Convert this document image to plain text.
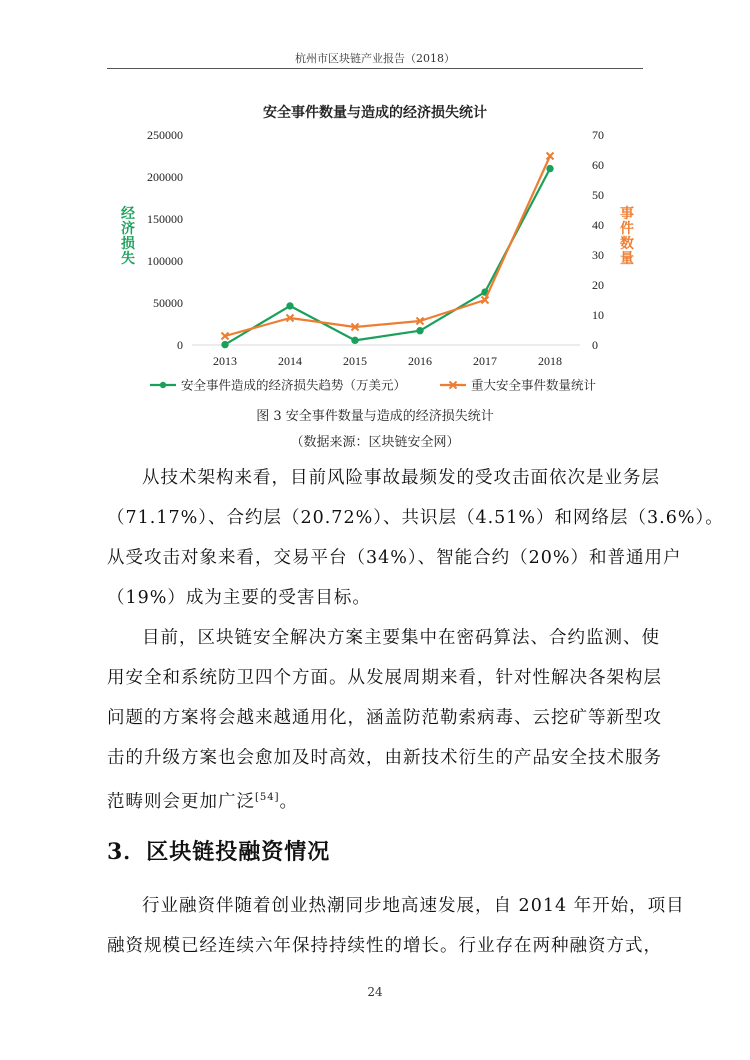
杭州市区块链产业报告（2018）
安全事件数量与造成的经济损失统计
经
济
损
失
事
件
数
量
0
50000
100000
150000
200000
250000
0
10
20
30
40
50
60
70
2013	2014	2015	2016	2017	2018
安全事件造成的经济损失趋势（万美元）	重大安全事件数量统计
图 3 安全事件数量与造成的经济损失统计
（数据来源：区块链安全网）
从技术架构来看，目前风险事故最频发的受攻击面依次是业务层
（71.17%）、合约层（20.72%）、共识层（4.51%）和网络层（3.6%）。
从受攻击对象来看，交易平台（34%）、智能合约（20%）和普通用户
（19%）成为主要的受害目标。
目前，区块链安全解决方案主要集中在密码算法、合约监测、使
用安全和系统防卫四个方面。从发展周期来看，针对性解决各架构层
问题的方案将会越来越通用化，涵盖防范勒索病毒、云挖矿等新型攻
击的升级方案也会愈加及时高效，由新技术衍生的产品安全技术服务
范畴则会更加广泛[54]。
3．区块链投融资情况
行业融资伴随着创业热潮同步地高速发展，自 2014 年开始，项目
融资规模已经连续六年保持持续性的增长。行业存在两种融资方式，
24
